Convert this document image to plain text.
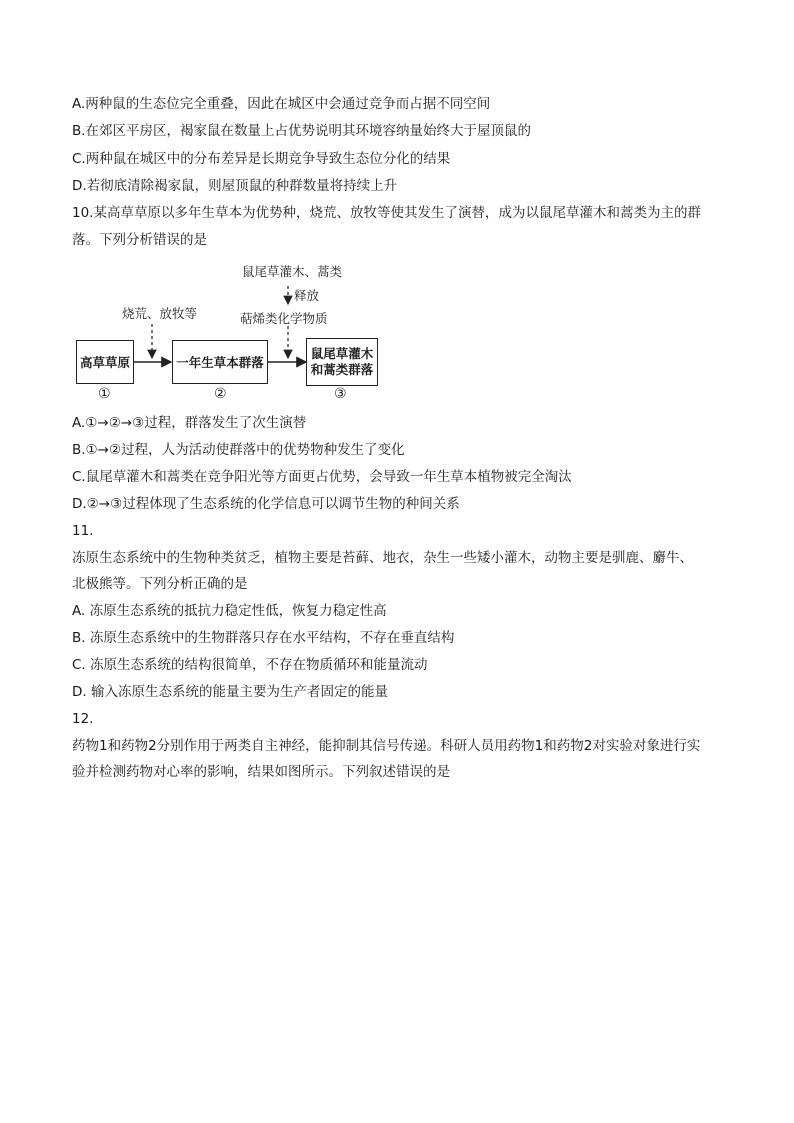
A.两种鼠的生态位完全重叠，因此在城区中会通过竞争而占据不同空间
B.在郊区平房区，褐家鼠在数量上占优势说明其环境容纳量始终大于屋顶鼠的
C.两种鼠在城区中的分布差异是长期竞争导致生态位分化的结果
D.若彻底清除褐家鼠，则屋顶鼠的种群数量将持续上升
10.某高草草原以多年生草本为优势种，烧荒、放牧等使其发生了演替，成为以鼠尾草灌木和蒿类为主的群
落。下列分析错误的是
高草草原	一年生草本群落
鼠尾草灌木
和蒿类群落
①	②	③
烧荒、放牧等
鼠尾草灌木、蒿类
释放
萜烯类化学物质
A.①→②→③过程，群落发生了次生演替
B.①→②过程，人为活动使群落中的优势物种发生了变化
C.鼠尾草灌木和蒿类在竞争阳光等方面更占优势，会导致一年生草本植物被完全淘汰
D.②→③过程体现了生态系统的化学信息可以调节生物的种间关系
11.
冻原生态系统中的生物种类贫乏，植物主要是苔藓、地衣，杂生一些矮小灌木，动物主要是驯鹿、麝牛、
北极熊等。下列分析正确的是
A. 冻原生态系统的抵抗力稳定性低，恢复力稳定性高
B. 冻原生态系统中的生物群落只存在水平结构，不存在垂直结构
C. 冻原生态系统的结构很简单，不存在物质循环和能量流动
D. 输入冻原生态系统的能量主要为生产者固定的能量
12.
药物1和药物2分别作用于两类自主神经，能抑制其信号传递。科研人员用药物1和药物2对实验对象进行实
验并检测药物对心率的影响，结果如图所示。下列叙述错误的是
